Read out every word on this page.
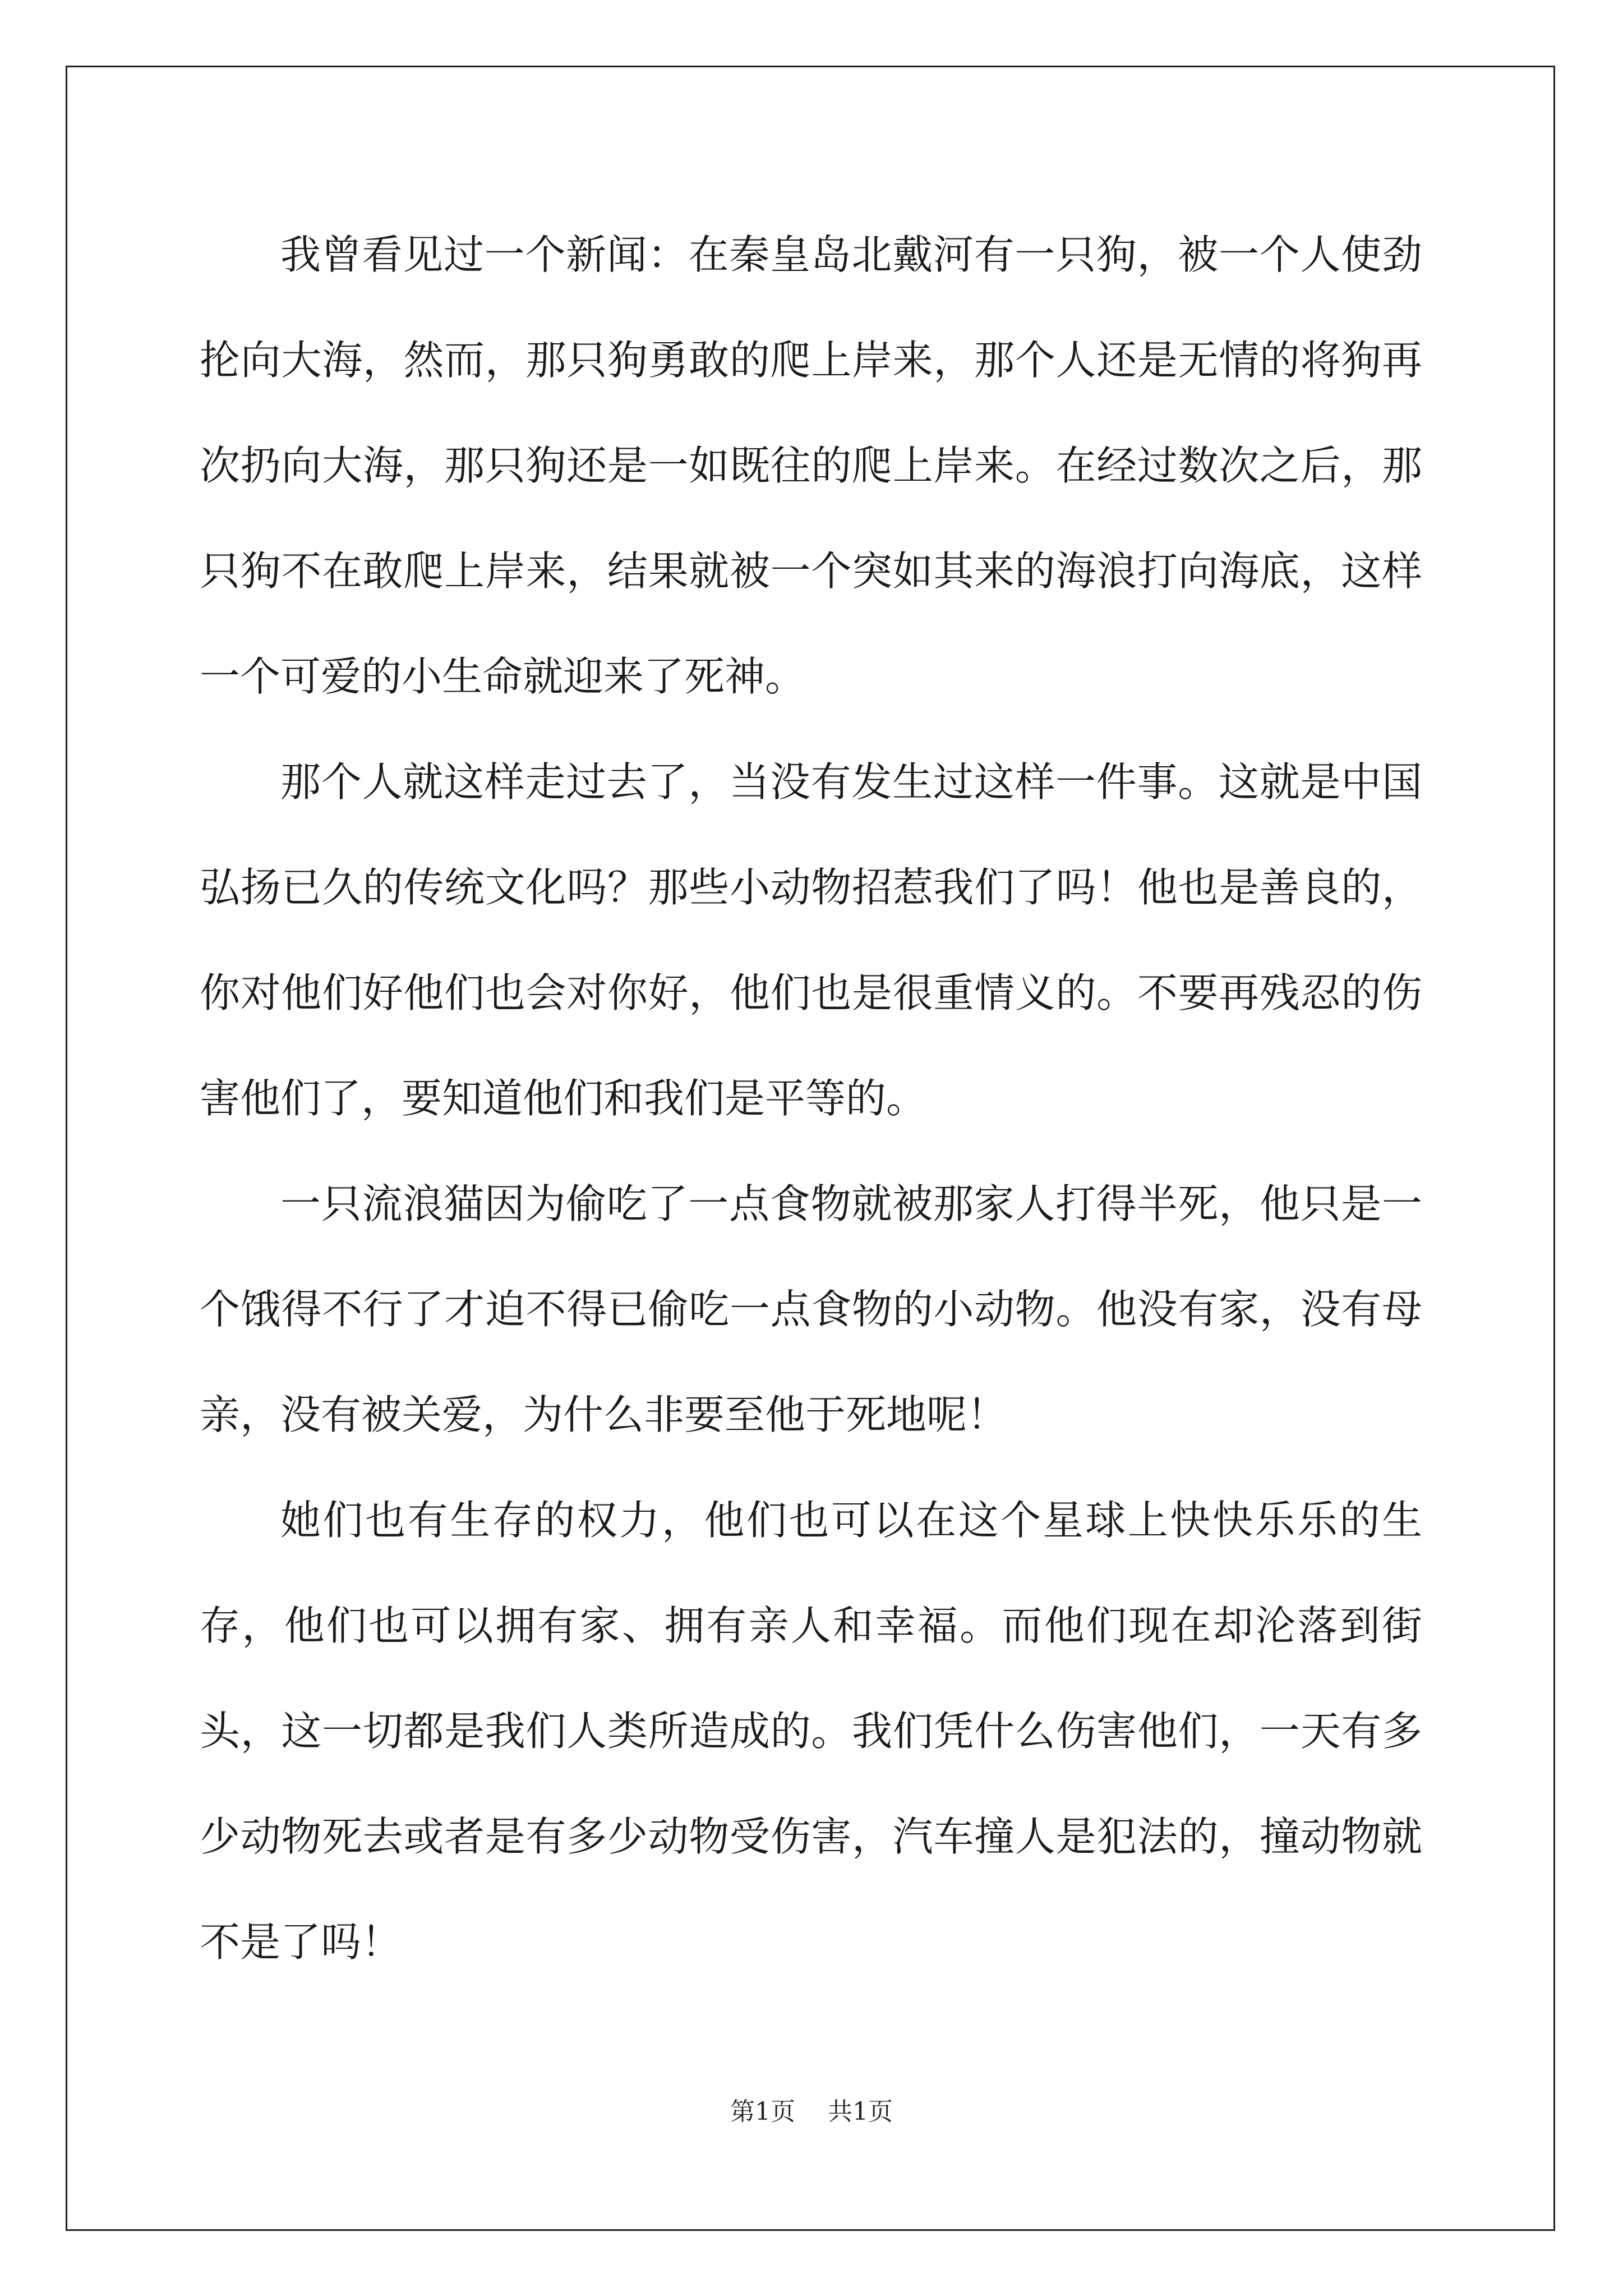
我曾看见过一个新闻：在秦皇岛北戴河有一只狗，被一个人使劲抡向大海，然而，那只狗勇敢的爬上岸来，那个人还是无情的将狗再次扔向大海，那只狗还是一如既往的爬上岸来。在经过数次之后，那只狗不在敢爬上岸来，结果就被一个突如其来的海浪打向海底，这样一个可爱的小生命就迎来了死神。

那个人就这样走过去了，当没有发生过这样一件事。这就是中国弘扬已久的传统文化吗？那些小动物招惹我们了吗！他也是善良的，你对他们好他们也会对你好，他们也是很重情义的。不要再残忍的伤害他们了，要知道他们和我们是平等的。

一只流浪猫因为偷吃了一点食物就被那家人打得半死，他只是一个饿得不行了才迫不得已偷吃一点食物的小动物。他没有家，没有母亲，没有被关爱，为什么非要至他于死地呢！

她们也有生存的权力，他们也可以在这个星球上快快乐乐的生存，他们也可以拥有家、拥有亲人和幸福。而他们现在却沦落到街头，这一切都是我们人类所造成的。我们凭什么伤害他们，一天有多少动物死去或者是有多少动物受伤害，汽车撞人是犯法的，撞动物就不是了吗！

第1页 共1页
